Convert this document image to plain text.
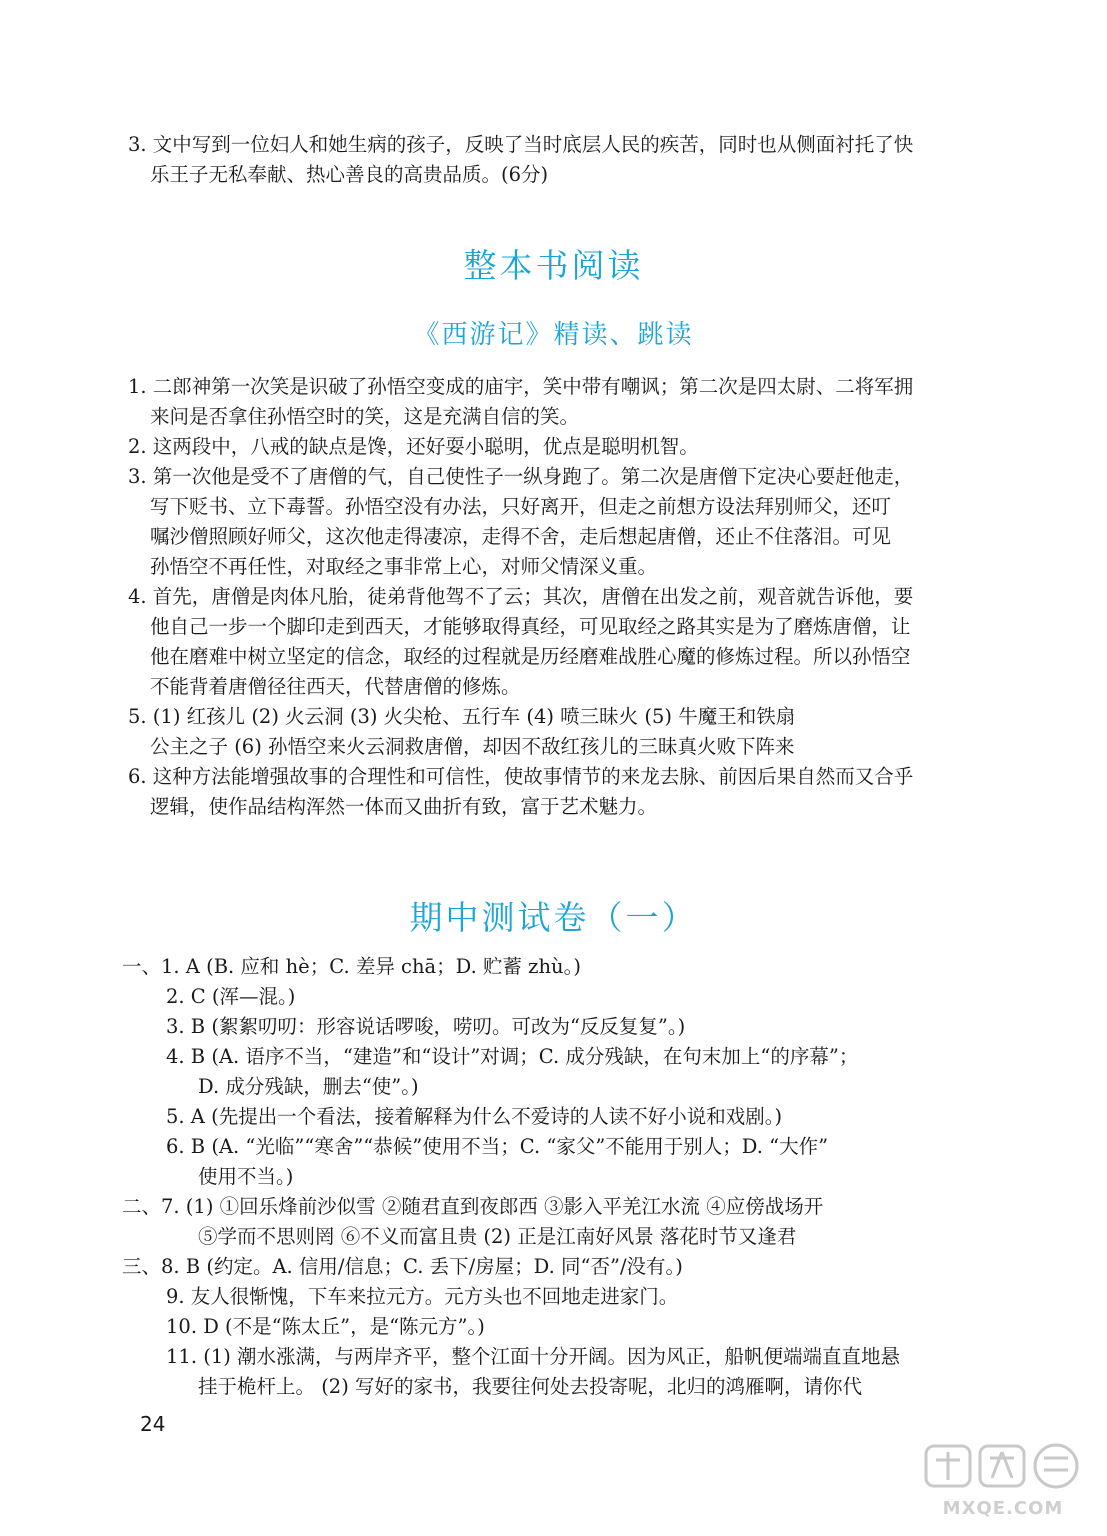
3. 文中写到一位妇人和她生病的孩子，反映了当时底层人民的疾苦，同时也从侧面衬托了快
乐王子无私奉献、热心善良的高贵品质。(6分)
整本书阅读
《西游记》精读、跳读
1. 二郎神第一次笑是识破了孙悟空变成的庙宇，笑中带有嘲讽；第二次是四太尉、二将军拥
来问是否拿住孙悟空时的笑，这是充满自信的笑。
2. 这两段中，八戒的缺点是馋，还好耍小聪明，优点是聪明机智。
3. 第一次他是受不了唐僧的气，自己使性子一纵身跑了。第二次是唐僧下定决心要赶他走，
写下贬书、立下毒誓。孙悟空没有办法，只好离开，但走之前想方设法拜别师父，还叮
嘱沙僧照顾好师父，这次他走得凄凉，走得不舍，走后想起唐僧，还止不住落泪。可见
孙悟空不再任性，对取经之事非常上心，对师父情深义重。
4. 首先，唐僧是肉体凡胎，徒弟背他驾不了云；其次，唐僧在出发之前，观音就告诉他，要
他自己一步一个脚印走到西天，才能够取得真经，可见取经之路其实是为了磨炼唐僧，让
他在磨难中树立坚定的信念，取经的过程就是历经磨难战胜心魔的修炼过程。所以孙悟空
不能背着唐僧径往西天，代替唐僧的修炼。
5. (1) 红孩儿 (2) 火云洞 (3) 火尖枪、五行车 (4) 喷三昧火 (5) 牛魔王和铁扇
公主之子 (6) 孙悟空来火云洞救唐僧，却因不敌红孩儿的三昧真火败下阵来
6. 这种方法能增强故事的合理性和可信性，使故事情节的来龙去脉、前因后果自然而又合乎
逻辑，使作品结构浑然一体而又曲折有致，富于艺术魅力。
期中测试卷（一）
一、1. A (B. 应和 hè；C. 差异 chā；D. 贮蓄 zhù。)
2. C (浑—混。)
3. B (絮絮叨叨：形容说话啰唆，唠叨。可改为“反反复复”。)
4. B (A. 语序不当，“建造”和“设计”对调；C. 成分残缺，在句末加上“的序幕”；
D. 成分残缺，删去“使”。)
5. A (先提出一个看法，接着解释为什么不爱诗的人读不好小说和戏剧。)
6. B (A. “光临”“寒舍”“恭候”使用不当；C. “家父”不能用于别人；D. “大作”
使用不当。)
二、7. (1) ①回乐烽前沙似雪 ②随君直到夜郎西 ③影入平羌江水流 ④应傍战场开
⑤学而不思则罔 ⑥不义而富且贵 (2) 正是江南好风景 落花时节又逢君
三、8. B (约定。A. 信用/信息；C. 丢下/房屋；D. 同“否”/没有。)
9. 友人很惭愧，下车来拉元方。元方头也不回地走进家门。
10. D (不是“陈太丘”，是“陈元方”。)
11. (1) 潮水涨满，与两岸齐平，整个江面十分开阔。因为风正，船帆便端端直直地悬
挂于桅杆上。 (2) 写好的家书，我要往何处去投寄呢，北归的鸿雁啊，请你代
24
MXQE.COM
